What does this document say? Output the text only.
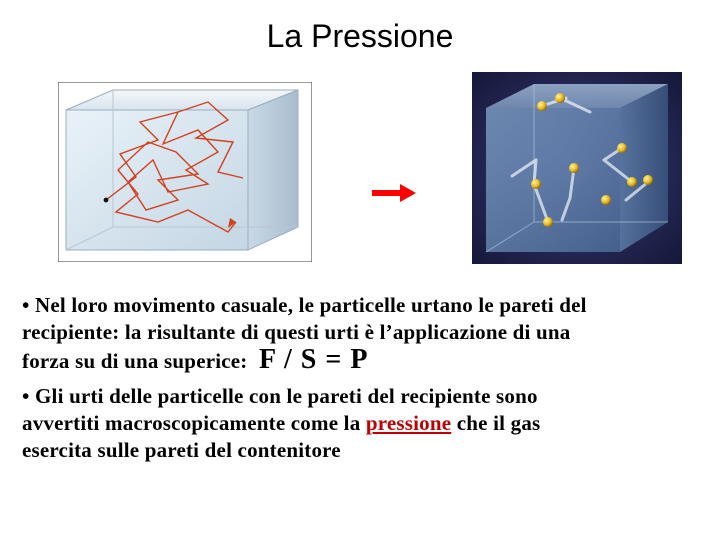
La Pressione
• Nel loro movimento casuale, le particelle urtano le pareti del
recipiente: la risultante di questi urti è l’applicazione di una
forza su di una superice: F / S = P
• Gli urti delle particelle con le pareti del recipiente sono
avvertiti macroscopicamente come la pressione che il gas
esercita sulle pareti del contenitore
